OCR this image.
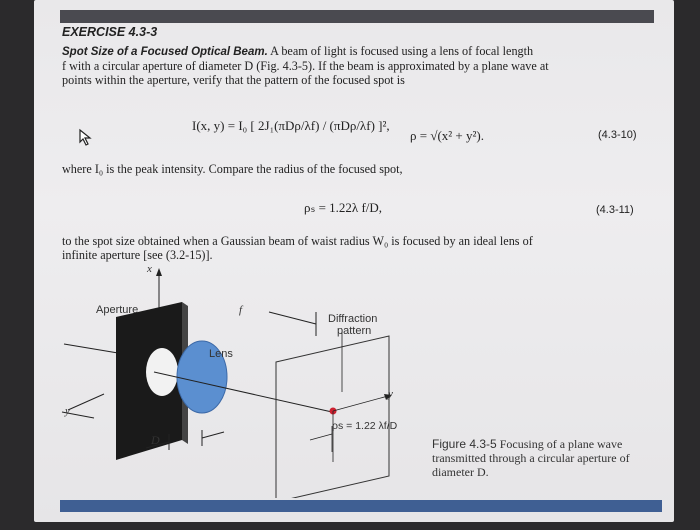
EXERCISE 4.3-3
Spot Size of a Focused Optical Beam. A beam of light is focused using a lens of focal length
f with a circular aperture of diameter D (Fig. 4.3-5). If the beam is approximated by a plane wave at
points within the aperture, verify that the pattern of the focused spot is
I(x, y) = I₀ [ 2J₁(πDρ/λf) / (πDρ/λf) ]²,
ρ = √(x² + y²).	(4.3-10)
where I₀ is the peak intensity. Compare the radius of the focused spot,
ρₛ = 1.22λ f/D,	(4.3-11)
to the spot size obtained when a Gaussian beam of waist radius W₀ is focused by an ideal lens of
infinite aperture [see (3.2-15)].
x
Aperture	f
Diffraction
pattern
Lens
y
y
D
ρs = 1.22 λf/D
Figure 4.3-5 Focusing of a plane wave transmitted through a circular aperture of diameter D.
